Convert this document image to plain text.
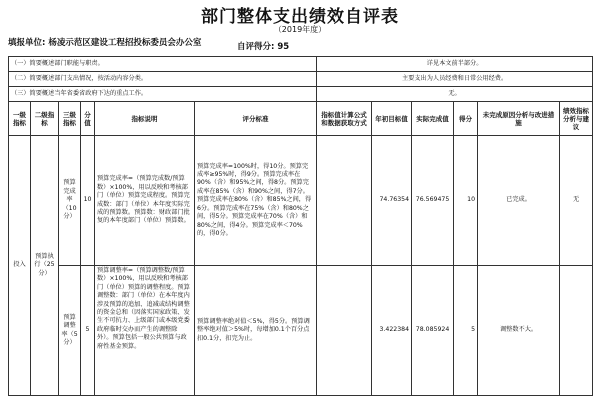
部门整体支出绩效自评表
（2019年度）
填报单位: 杨凌示范区建设工程招投标委员会办公室	自评得分: 95
（一）简要概述部门职能与职责。						详见本文前半部分。					
（二）简要概述部门支出情况，按活动内容分类。						主要支出为人员经费和日常公用经费。					
（三）简要概述当年省委省政府下达的重点工作。						无。					
一级指标	二级指标	三级指标	分值	指标说明	评分标准	指标值计算公式和数据获取方式	年初目标值	实际完成值	得分	未完成原因分析与改进措施	绩效指标分析与建议
投入	预算执行（25分）	预算完成率（10分）	10	预算完成率=（预算完成数/预算数）×100%，用以反映和考核部门（单位）预算完成程度。预算完成数：部门（单位）本年度实际完成的预算数。预算数：财政部门批复的本年度部门（单位）预算数。	预算完成率=100%时，得10分。预算完成率≥95%时，得9分。预算完成率在90%（含）和95%之间，得8分。预算完成率在85%（含）和90%之间，得7分。预算完成率在80%（含）和85%之间，得6分。预算完成率在75%（含）和80%之间，得5分。预算完成率在70%（含）和80%之间，得4分。预算完成率＜70%的，得0分。		74.76354	76.569475	10	已完成。	无
		预算调整率（5分）	5	预算调整率=（预算调整数/预算数）×100%，用以反映和考核部门（单位）预算的调整程度。预算调整数：部门（单位）在本年度内涉及预算的追加、追减或结构调整的资金总和（因落实国家政策、发生不可抗力、上级部门或本级党委政府临时交办而产生的调整除外）。预算包括一般公共预算与政府性基金预算。	预算调整率绝对值＜5%，得5分。预算调整率绝对值＞5%时，每增加0.1个百分点扣0.1分，扣完为止。		3.422384	78.085924	5	调整数不大。	
